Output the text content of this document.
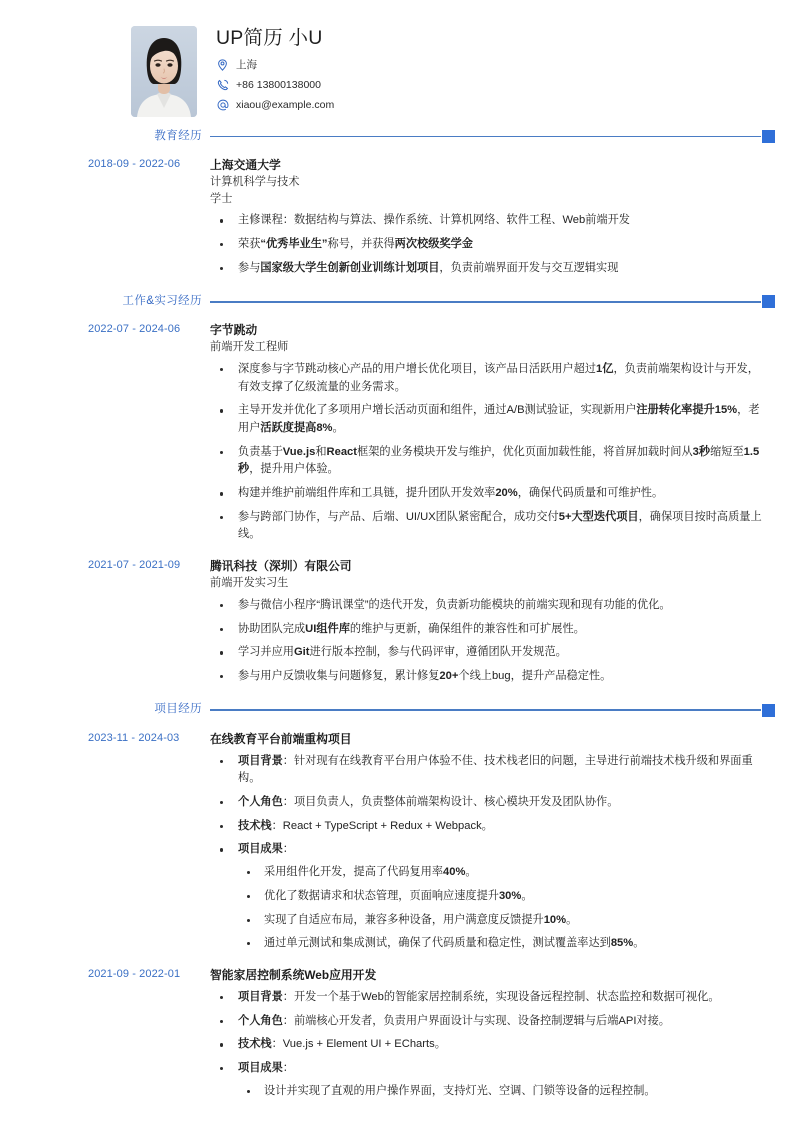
UP简历 小U
上海
+86 13800138000
xiaou@example.com
教育经历
2018-09 - 2022-06	上海交通大学
计算机科学与技术
学士
主修课程：数据结构与算法、操作系统、计算机网络、软件工程、Web前端开发
荣获“优秀毕业生”称号，并获得两次校级奖学金
参与国家级大学生创新创业训练计划项目，负责前端界面开发与交互逻辑实现
工作&实习经历
2022-07 - 2024-06	字节跳动
前端开发工程师
深度参与字节跳动核心产品的用户增长优化项目，该产品日活跃用户超过1亿，负责前端架构设计与开发，有效支撑了亿级流量的业务需求。
主导开发并优化了多项用户增长活动页面和组件，通过A/B测试验证，实现新用户注册转化率提升15%，老用户活跃度提高8%。
负责基于Vue.js和React框架的业务模块开发与维护，优化页面加载性能，将首屏加载时间从3秒缩短至1.5秒，提升用户体验。
构建并维护前端组件库和工具链，提升团队开发效率20%，确保代码质量和可维护性。
参与跨部门协作，与产品、后端、UI/UX团队紧密配合，成功交付5+大型迭代项目，确保项目按时高质量上线。
2021-07 - 2021-09	腾讯科技（深圳）有限公司
前端开发实习生
参与微信小程序“腾讯课堂”的迭代开发，负责新功能模块的前端实现和现有功能的优化。
协助团队完成UI组件库的维护与更新，确保组件的兼容性和可扩展性。
学习并应用Git进行版本控制，参与代码评审，遵循团队开发规范。
参与用户反馈收集与问题修复，累计修复20+个线上bug，提升产品稳定性。
项目经历
2023-11 - 2024-03	在线教育平台前端重构项目
项目背景：针对现有在线教育平台用户体验不佳、技术栈老旧的问题，主导进行前端技术栈升级和界面重构。
个人角色：项目负责人，负责整体前端架构设计、核心模块开发及团队协作。
技术栈：React + TypeScript + Redux + Webpack。
项目成果：
采用组件化开发，提高了代码复用率40%。
优化了数据请求和状态管理，页面响应速度提升30%。
实现了自适应布局，兼容多种设备，用户满意度反馈提升10%。
通过单元测试和集成测试，确保了代码质量和稳定性，测试覆盖率达到85%。
2021-09 - 2022-01	智能家居控制系统Web应用开发
项目背景：开发一个基于Web的智能家居控制系统，实现设备远程控制、状态监控和数据可视化。
个人角色：前端核心开发者，负责用户界面设计与实现、设备控制逻辑与后端API对接。
技术栈：Vue.js + Element UI + ECharts。
项目成果：
设计并实现了直观的用户操作界面，支持灯光、空调、门锁等设备的远程控制。
